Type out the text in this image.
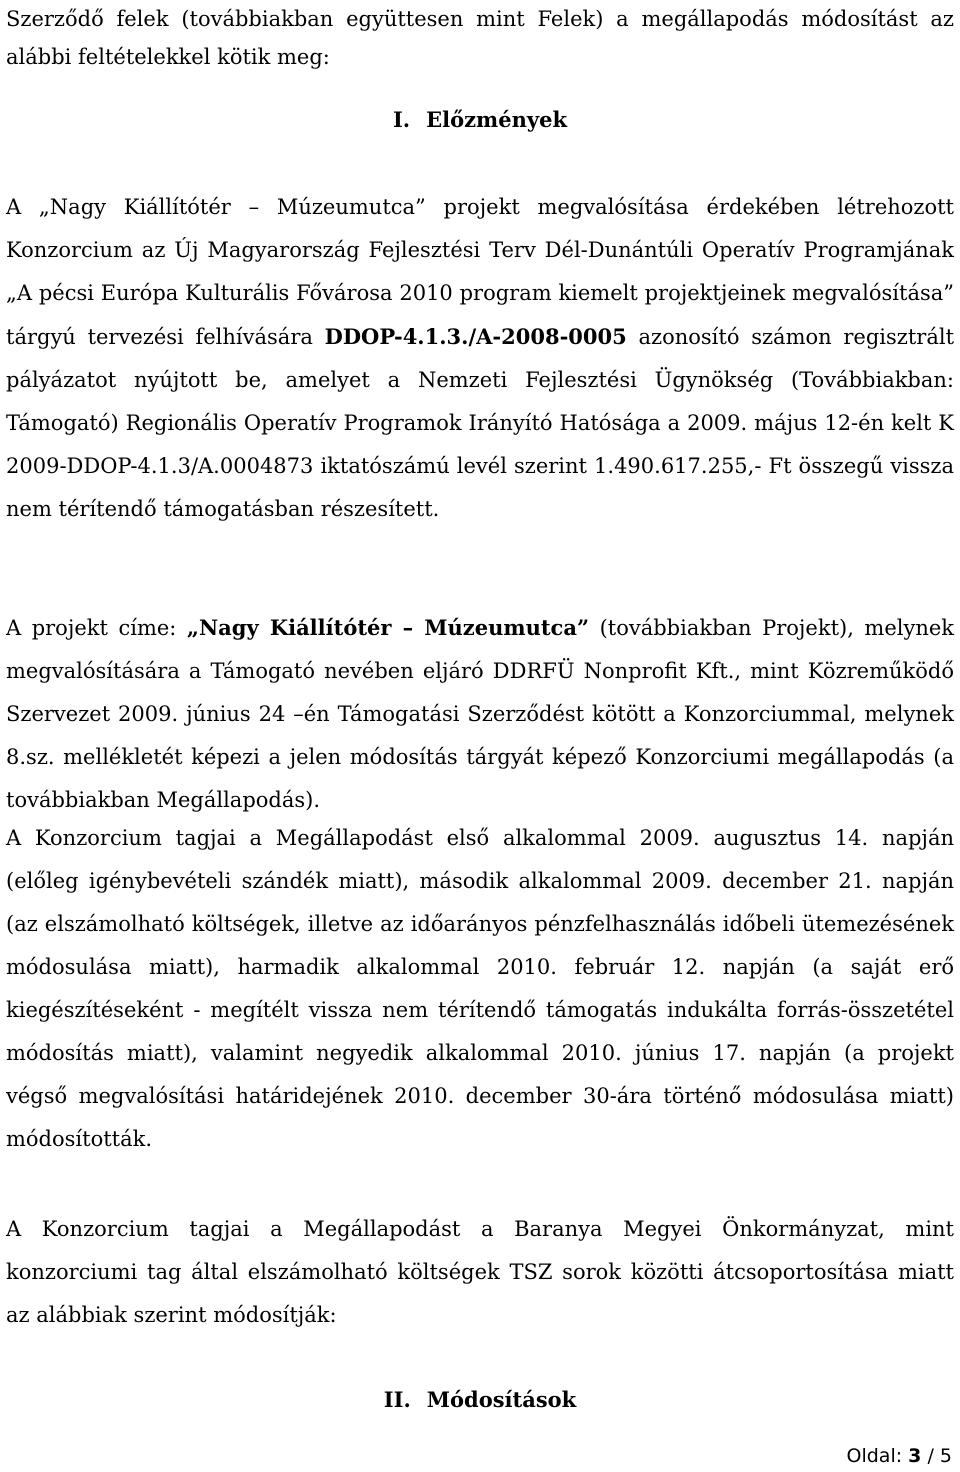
Szerződő felek (továbbiakban együttesen mint Felek) a megállapodás módosítást az alábbi feltételekkel kötik meg:

I. Előzmények

A „Nagy Kiállítótér – Múzeumutca” projekt megvalósítása érdekében létrehozott Konzorcium az Új Magyarország Fejlesztési Terv Dél-Dunántúli Operatív Programjának „A pécsi Európa Kulturális Fővárosa 2010 program kiemelt projektjeinek megvalósítása” tárgyú tervezési felhívására DDOP-4.1.3./A-2008-0005 azonosító számon regisztrált pályázatot nyújtott be, amelyet a Nemzeti Fejlesztési Ügynökség (Továbbiakban: Támogató) Regionális Operatív Programok Irányító Hatósága a 2009. május 12-én kelt K 2009-DDOP-4.1.3/A.0004873 iktatószámú levél szerint 1.490.617.255,- Ft összegű vissza nem térítendő támogatásban részesített.

A projekt címe: „Nagy Kiállítótér – Múzeumutca” (továbbiakban Projekt), melynek megvalósítására a Támogató nevében eljáró DDRFÜ Nonprofit Kft., mint Közreműködő Szervezet 2009. június 24 –én Támogatási Szerződést kötött a Konzorciummal, melynek 8.sz. mellékletét képezi a jelen módosítás tárgyát képező Konzorciumi megállapodás (a továbbiakban Megállapodás).

A Konzorcium tagjai a Megállapodást első alkalommal 2009. augusztus 14. napján (előleg igénybevételi szándék miatt), második alkalommal 2009. december 21. napján (az elszámolható költségek, illetve az időarányos pénzfelhasználás időbeli ütemezésének módosulása miatt), harmadik alkalommal 2010. február 12. napján (a saját erő kiegészítéseként - megítélt vissza nem térítendő támogatás indukálta forrás-összetétel módosítás miatt), valamint negyedik alkalommal 2010. június 17. napján (a projekt végső megvalósítási határidejének 2010. december 30-ára történő módosulása miatt) módosították.

A Konzorcium tagjai a Megállapodást a Baranya Megyei Önkormányzat, mint konzorciumi tag által elszámolható költségek TSZ sorok közötti átcsoportosítása miatt az alábbiak szerint módosítják:

II. Módosítások
Oldal: 3 / 5
